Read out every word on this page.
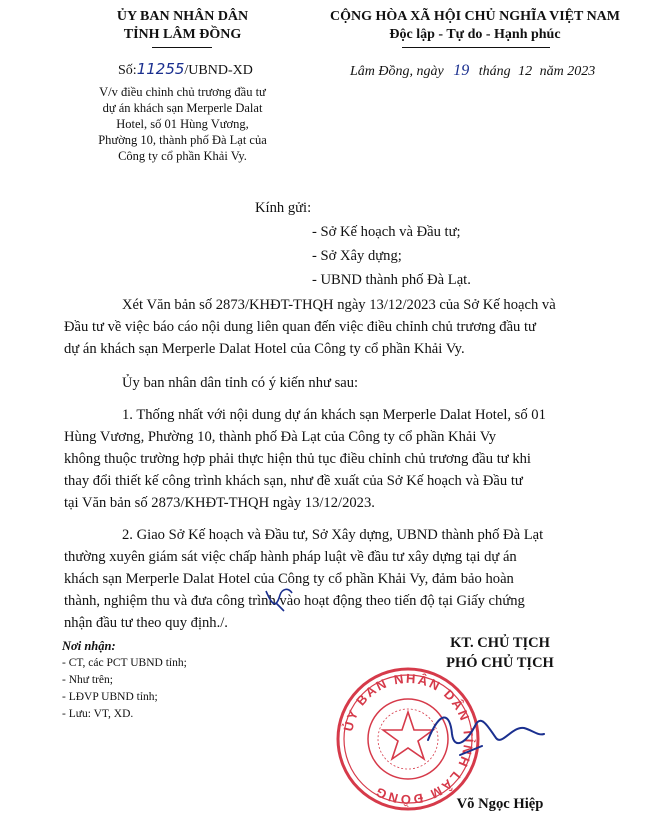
ỦY BAN NHÂN DÂN
TỈNH LÂM ĐỒNG
CỘNG HÒA XÃ HỘI CHỦ NGHĨA VIỆT NAM
Độc lập - Tự do - Hạnh phúc
Số:11255/UBND-XD	Lâm Đồng, ngày 19 tháng 12 năm 2023
V/v điều chỉnh chủ trương đầu tư
dự án khách sạn Merperle Dalat
Hotel, số 01 Hùng Vương,
Phường 10, thành phố Đà Lạt của
Công ty cổ phần Khải Vy.
Kính gửi:
- Sở Kế hoạch và Đầu tư;
- Sở Xây dựng;
- UBND thành phố Đà Lạt.
Xét Văn bản số 2873/KHĐT-THQH ngày 13/12/2023 của Sở Kế hoạch và
Đầu tư về việc báo cáo nội dung liên quan đến việc điều chỉnh chủ trương đầu tư
dự án khách sạn Merperle Dalat Hotel của Công ty cổ phần Khải Vy.
Ủy ban nhân dân tỉnh có ý kiến như sau:
1. Thống nhất với nội dung dự án khách sạn Merperle Dalat Hotel, số 01
Hùng Vương, Phường 10, thành phố Đà Lạt của Công ty cổ phần Khải Vy
không thuộc trường hợp phải thực hiện thủ tục điều chỉnh chủ trương đầu tư khi
thay đổi thiết kế công trình khách sạn, như đề xuất của Sở Kế hoạch và Đầu tư
tại Văn bản số 2873/KHĐT-THQH ngày 13/12/2023.
2. Giao Sở Kế hoạch và Đầu tư, Sở Xây dựng, UBND thành phố Đà Lạt
thường xuyên giám sát việc chấp hành pháp luật về đầu tư xây dựng tại dự án
khách sạn Merperle Dalat Hotel của Công ty cổ phần Khải Vy, đảm bảo hoàn
thành, nghiệm thu và đưa công trình vào hoạt động theo tiến độ tại Giấy chứng
nhận đầu tư theo quy định./.
Nơi nhận:
- CT, các PCT UBND tỉnh;
- Như trên;
- LĐVP UBND tỉnh;
- Lưu: VT, XD.
KT. CHỦ TỊCH
PHÓ CHỦ TỊCH
ỦY BAN NHÂN DÂN TỈNH LÂM ĐỒNG
Võ Ngọc Hiệp
